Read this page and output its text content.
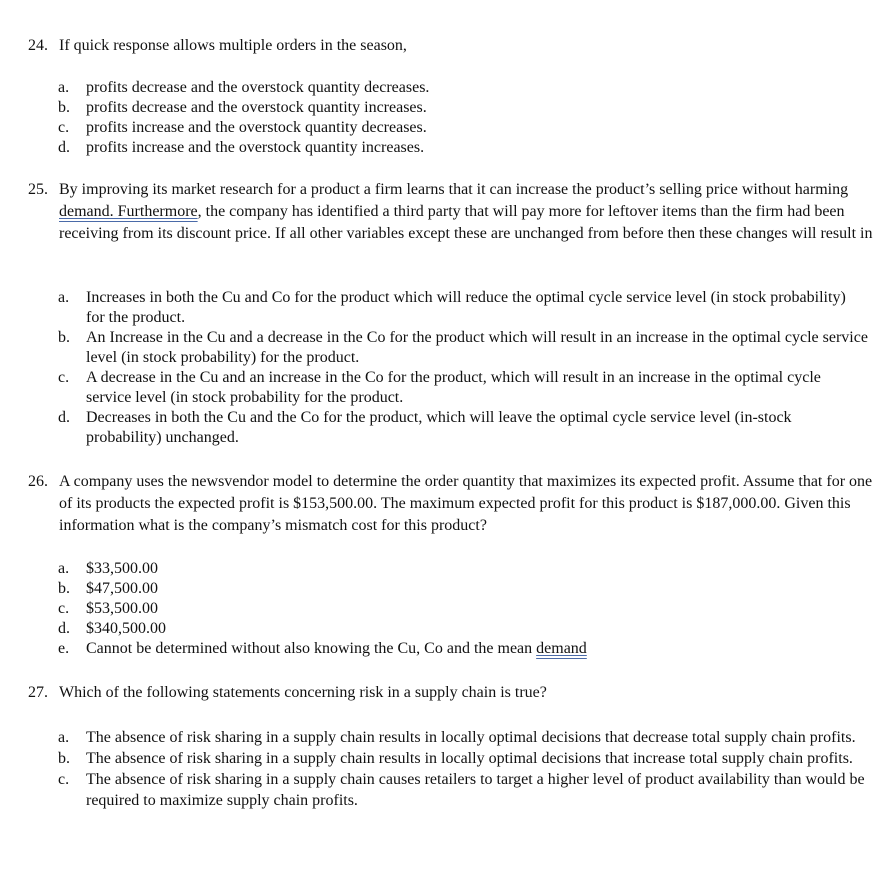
24. If quick response allows multiple orders in the season,
a. profits decrease and the overstock quantity decreases.
b. profits decrease and the overstock quantity increases.
c. profits increase and the overstock quantity decreases.
d. profits increase and the overstock quantity increases.
25. By improving its market research for a product a firm learns that it can increase the product’s selling price without harming demand. Furthermore, the company has identified a third party that will pay more for leftover items than the firm had been receiving from its discount price. If all other variables except these are unchanged from before then these changes will result in
a. Increases in both the Cu and Co for the product which will reduce the optimal cycle service level (in stock probability) for the product.
b. An Increase in the Cu and a decrease in the Co for the product which will result in an increase in the optimal cycle service level (in stock probability) for the product.
c. A decrease in the Cu and an increase in the Co for the product, which will result in an increase in the optimal cycle service level (in stock probability for the product.
d. Decreases in both the Cu and the Co for the product, which will leave the optimal cycle service level (in-stock probability) unchanged.
26. A company uses the newsvendor model to determine the order quantity that maximizes its expected profit. Assume that for one of its products the expected profit is $153,500.00. The maximum expected profit for this product is $187,000.00. Given this information what is the company’s mismatch cost for this product?
a. $33,500.00
b. $47,500.00
c. $53,500.00
d. $340,500.00
e. Cannot be determined without also knowing the Cu, Co and the mean demand
27. Which of the following statements concerning risk in a supply chain is true?
a. The absence of risk sharing in a supply chain results in locally optimal decisions that decrease total supply chain profits.
b. The absence of risk sharing in a supply chain results in locally optimal decisions that increase total supply chain profits.
c. The absence of risk sharing in a supply chain causes retailers to target a higher level of product availability than would be required to maximize supply chain profits.
